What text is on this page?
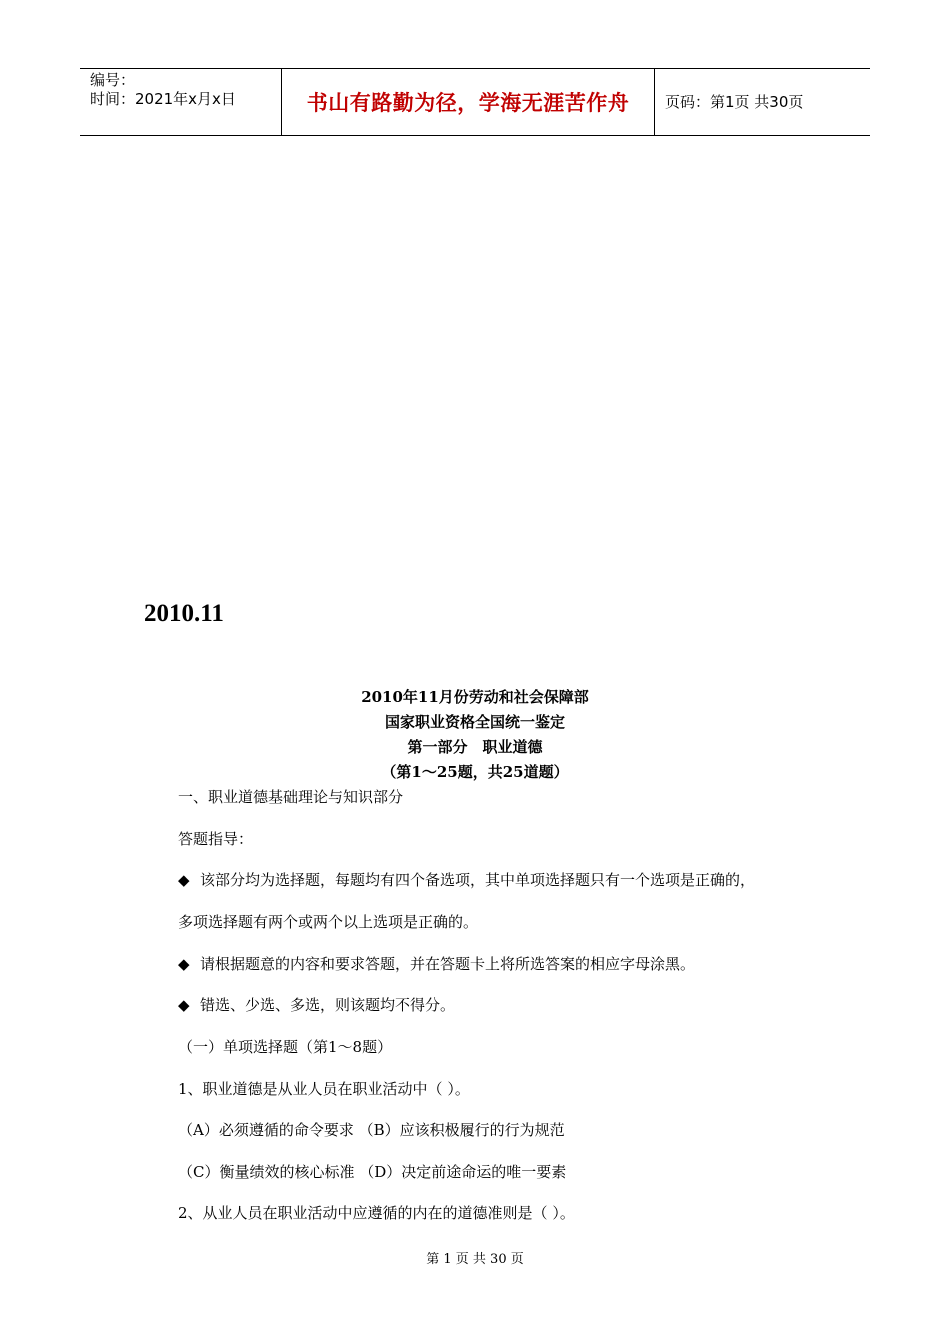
编号：
时间：2021年x月x日	书山有路勤为径，学海无涯苦作舟 页码：第1页 共30页
2010.11
2010年11月份劳动和社会保障部
国家职业资格全国统一鉴定
第一部分　职业道德
（第1～25题，共25道题）
一、职业道德基础理论与知识部分
答题指导：
◆ 该部分均为选择题，每题均有四个备选项，其中单项选择题只有一个选项是正确的，
多项选择题有两个或两个以上选项是正确的。
◆ 请根据题意的内容和要求答题，并在答题卡上将所选答案的相应字母涂黑。
◆ 错选、少选、多选，则该题均不得分。
（一）单项选择题（第1～8题）
1、职业道德是从业人员在职业活动中（ ）。
（A）必须遵循的命令要求 （B）应该积极履行的行为规范
（C）衡量绩效的核心标准 （D）决定前途命运的唯一要素
2、从业人员在职业活动中应遵循的内在的道德准则是（ ）。
第 1 页 共 30 页
